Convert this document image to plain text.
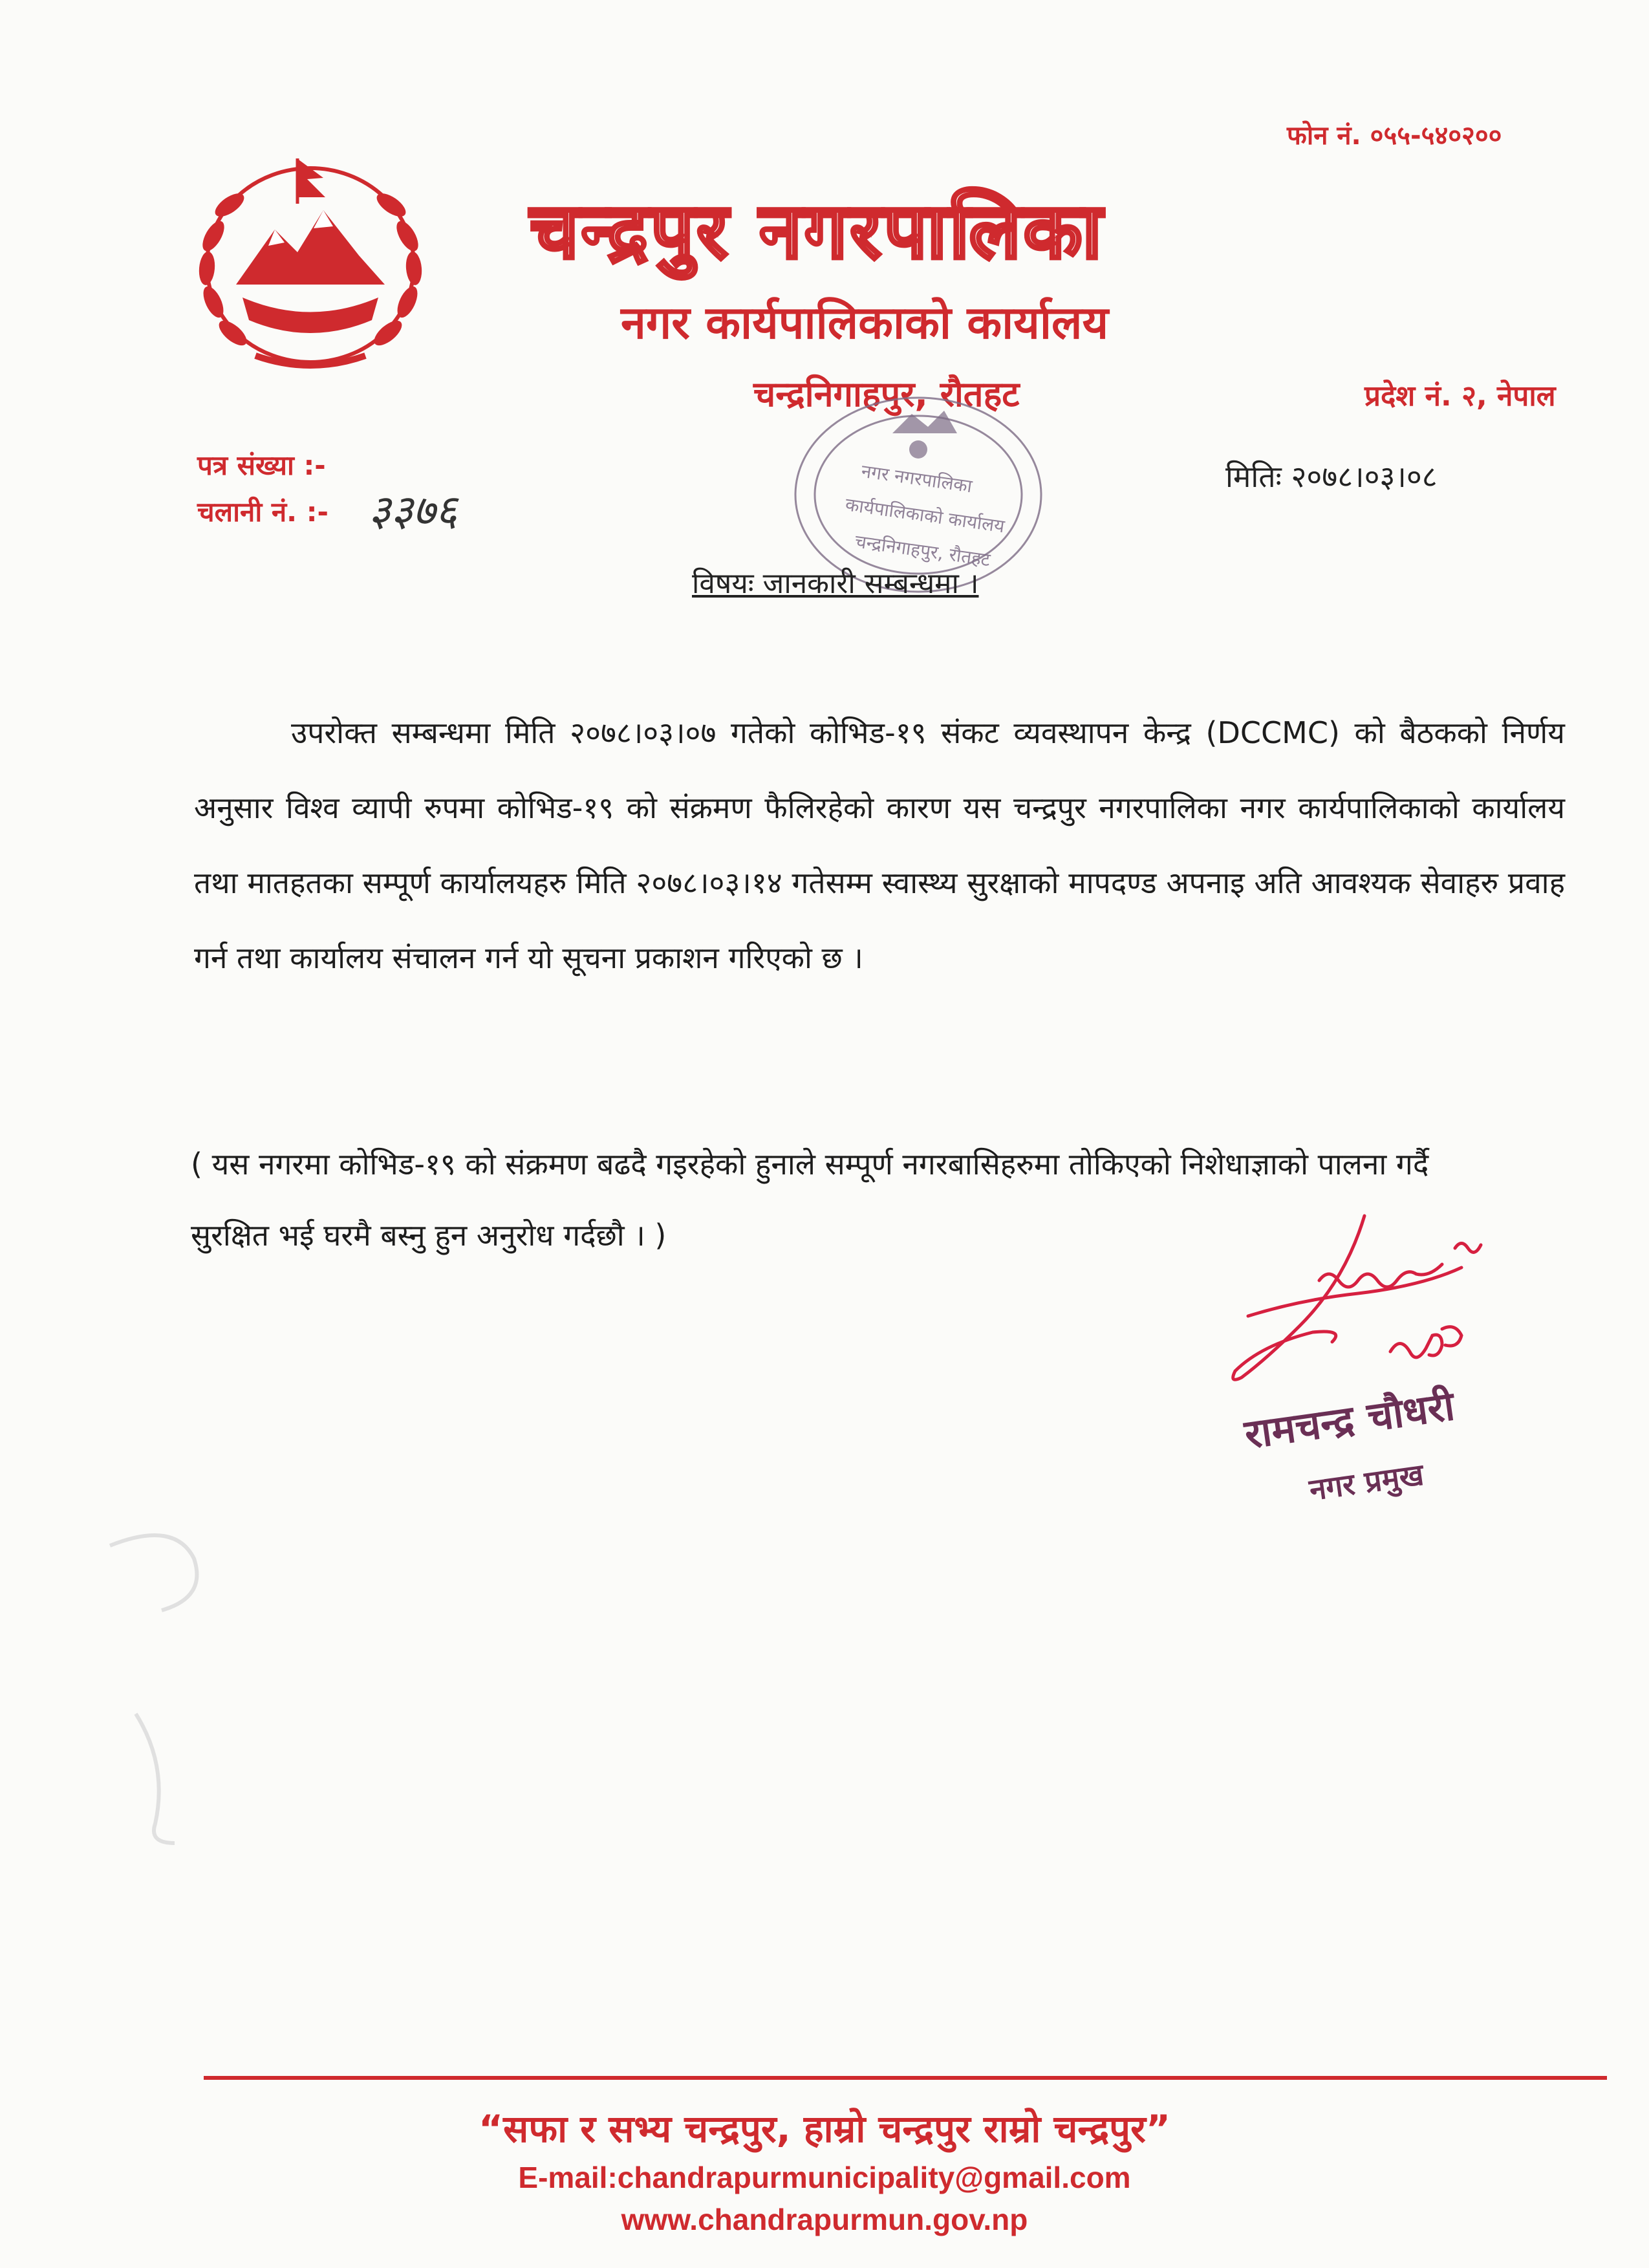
फोन नं. ०५५-५४०२००
चन्द्रपुर नगरपालिका
नगर कार्यपालिकाको कार्यालय
चन्द्रनिगाहपुर, रौतहट	प्रदेश नं. २, नेपाल
पत्र संख्या :-
चलानी नं. :- ३३७६
नगर नगरपालिका
कार्यपालिकाको कार्यालय
चन्द्रनिगाहपुर, रौतहट
मितिः २०७८।०३।०८
विषयः जानकारी सम्बन्धमा ।
उपरोक्त सम्बन्धमा मिति २०७८।०३।०७ गतेको कोभिड-१९ संकट व्यवस्थापन केन्द्र (DCCMC) को बैठकको निर्णय अनुसार विश्व व्यापी रुपमा कोभिड-१९ को संक्रमण फैलिरहेको कारण यस चन्द्रपुर नगरपालिका नगर कार्यपालिकाको कार्यालय तथा मातहतका सम्पूर्ण कार्यालयहरु मिति २०७८।०३।१४ गतेसम्म स्वास्थ्य सुरक्षाको मापदण्ड अपनाइ अति आवश्यक सेवाहरु प्रवाह गर्न तथा कार्यालय संचालन गर्न यो सूचना प्रकाशन गरिएको छ ।
( यस नगरमा कोभिड-१९ को संक्रमण बढदै गइरहेको हुनाले सम्पूर्ण नगरबासिहरुमा तोकिएको निशेधाज्ञाको पालना गर्दै सुरक्षित भई घरमै बस्नु हुन अनुरोध गर्दछौ । )
रामचन्द्र चौधरी
नगर प्रमुख
“सफा र सभ्य चन्द्रपुर, हाम्रो चन्द्रपुर राम्रो चन्द्रपुर”
E-mail:chandrapurmunicipality@gmail.com
www.chandrapurmun.gov.np
